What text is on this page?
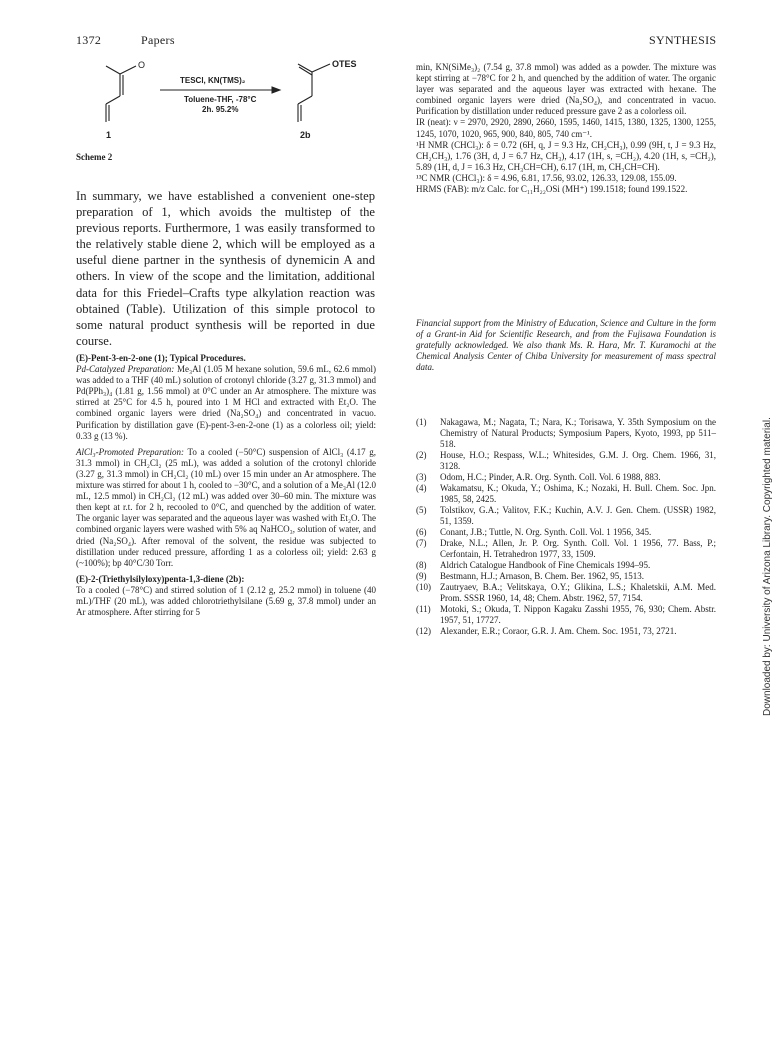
1372	Papers	SYNTHESIS
O
TESCl, KN(TMS)₂
Toluene-THF, -78°C
2h. 95.2%
OTES
1	2b
Scheme 2
In summary, we have established a convenient one-step preparation of 1, which avoids the multistep of the previous reports. Furthermore, 1 was easily transformed to the relatively stable diene 2, which will be employed as a useful diene partner in the synthesis of dynemicin A and others. In view of the scope and the limitation, additional data for this Friedel–Crafts type alkylation reaction was obtained (Table). Utilization of this simple protocol to some natural product synthesis will be reported in due course.

(E)-Pent-3-en-2-one (1); Typical Procedures.

Pd-Catalyzed Preparation: Me₃Al (1.05 M hexane solution, 59.6 mL, 62.6 mmol) was added to a THF (40 mL) solution of crotonyl chloride (3.27 g, 31.3 mmol) and Pd(PPh₃)₄ (1.81 g, 1.56 mmol) at 0°C under an Ar atmosphere. The mixture was stirred at 25°C for 4.5 h, poured into 1 M HCl and extracted with Et₂O. The combined organic layers were dried (Na₂SO₄) and concentrated in vacuo. Purification by distillation gave (E)-pent-3-en-2-one (1) as a colorless oil; yield: 0.33 g (13 %).

AlCl₃-Promoted Preparation: To a cooled (−50°C) suspension of AlCl₃ (4.17 g, 31.3 mmol) in CH₂Cl₂ (25 mL), was added a solution of the crotonyl chloride (3.27 g, 31.3 mmol) in CH₂Cl₂ (10 mL) over 15 min under an Ar atmosphere. The mixture was stirred for about 1 h, cooled to −30°C, and a solution of a Me₃Al (12.0 mL, 12.5 mmol) in CH₂Cl₂ (12 mL) was added over 30–60 min. The mixture was then kept at r.t. for 2 h, recooled to 0°C, and quenched by the addition of water. The organic layer was separated and the aqueous layer was washed with Et₂O. The combined organic layers were washed with 5% aq NaHCO₃, solution of water, and dried (Na₂SO₄). After removal of the solvent, the residue was subjected to distillation under reduced pressure, affording 1 as a colorless oil; yield: 2.63 g (~100%); bp 40°C/30 Torr.

(E)-2-(Triethylsilyloxy)penta-1,3-diene (2b):

To a cooled (−78°C) and stirred solution of 1 (2.12 g, 25.2 mmol) in toluene (40 mL)/THF (20 mL), was added chlorotriethylsilane (5.69 g, 37.8 mmol) under an Ar atmosphere. After stirring for 5

min, KN(SiMe₃)₂ (7.54 g, 37.8 mmol) was added as a powder. The mixture was kept stirring at −78°C for 2 h, and quenched by the addition of water. The organic layer was separated and the aqueous layer was extracted with hexane. The combined organic layers were dried (Na₂SO₄), and concentrated in vacuo. Purification by distillation under reduced pressure gave 2 as a colorless oil.

IR (neat): ν = 2970, 2920, 2890, 2660, 1595, 1460, 1415, 1380, 1325, 1300, 1255, 1245, 1070, 1020, 965, 900, 840, 805, 740 cm⁻¹.

¹H NMR (CHCl₃): δ = 0.72 (6H, q, J = 9.3 Hz, CH₂CH₃), 0.99 (9H, t, J = 9.3 Hz, CH₂CH₃), 1.76 (3H, d, J = 6.7 Hz, CH₃), 4.17 (1H, s, =CH₂), 4.20 (1H, s, =CH₂), 5.89 (1H, d, J = 16.3 Hz, CH₃CH=CH), 6.17 (1H, m, CH₃CH=CH).

¹³C NMR (CHCl₃): δ = 4.96, 6.81, 17.56, 93.02, 126.33, 129.08, 155.09.

HRMS (FAB): m/z Calc. for C₁₁H₂₂OSi (MH⁺) 199.1518; found 199.1522.

Financial support from the Ministry of Education, Science and Culture in the form of a Grant-in Aid for Scientific Research, and from the Fujisawa Foundation is gratefully acknowledged. We also thank Ms. R. Hara, Mr. T. Kuramochi at the Chemical Analysis Center of Chiba University for measurement of mass spectral data.
(1)	Nakagawa, M.; Nagata, T.; Nara, K.; Torisawa, Y. 35th Symposium on the Chemistry of Natural Products; Symposium Papers, Kyoto, 1993, pp 511–518.
(2)	House, H.O.; Respass, W.L.; Whitesides, G.M. J. Org. Chem. 1966, 31, 3128.
(3)	Odom, H.C.; Pinder, A.R. Org. Synth. Coll. Vol. 6 1988, 883.
(4)	Wakamatsu, K.; Okuda, Y.; Oshima, K.; Nozaki, H. Bull. Chem. Soc. Jpn. 1985, 58, 2425.
(5)	Tolstikov, G.A.; Valitov, F.K.; Kuchin, A.V. J. Gen. Chem. (USSR) 1982, 51, 1359.
(6)	Conant, J.B.; Tuttle, N. Org. Synth. Coll. Vol. 1 1956, 345.
(7)	Drake, N.L.; Allen, Jr. P. Org. Synth. Coll. Vol. 1 1956, 77. Bass, P.; Cerfontain, H. Tetrahedron 1977, 33, 1509.
(8)	Aldrich Catalogue Handbook of Fine Chemicals 1994–95.
(9)	Bestmann, H.J.; Arnason, B. Chem. Ber. 1962, 95, 1513.
(10)	Zautryaev, B.A.; Velitskaya, O.Y.; Glikina, L.S.; Khaletskii, A.M. Med. Prom. SSSR 1960, 14, 48; Chem. Abstr. 1962, 57, 7154.
(11)	Motoki, S.; Okuda, T. Nippon Kagaku Zasshi 1955, 76, 930; Chem. Abstr. 1957, 51, 17727.
(12)	Alexander, E.R.; Coraor, G.R. J. Am. Chem. Soc. 1951, 73, 2721.	Downloaded by: University of Arizona Library. Copyrighted material.
